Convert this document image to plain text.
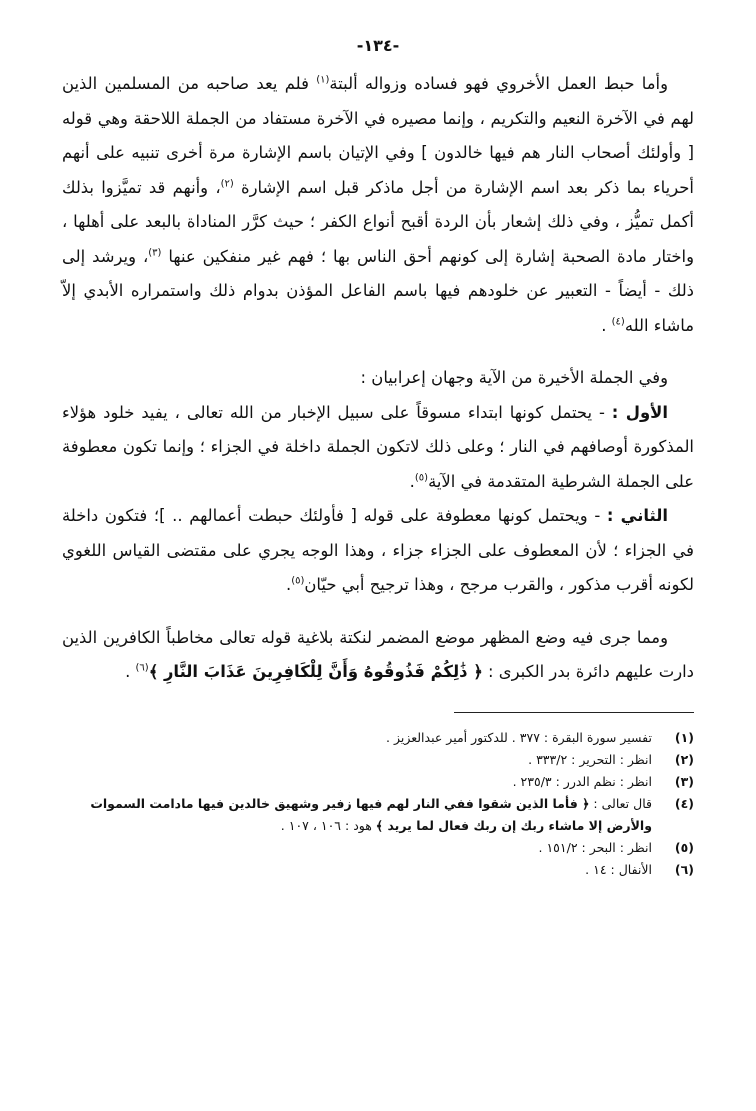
-١٣٤-

وأما حبط العمل الأخروي فهو فساده وزواله ألبتة$^{(١)}$ فلم يعد صاحبه من المسلمين الذين لهم في الآخرة النعيم والتكريم ، وإنما مصيره في الآخرة مستفاد من الجملة اللاحقة وهي قوله [ وأولئك أصحاب النار هم فيها خالدون ] وفي الإتيان باسم الإشارة مرة أخرى تنبيه على أنهم أحرياء بما ذكر بعد اسم الإشارة من أجل ماذكر قبل اسم الإشارة $^{(٢)}$، وأنهم قد تميَّزوا بذلك أكمل تميُّز ، وفي ذلك إشعار بأن الردة أقبح أنواع الكفر ؛ حيث كرَّر المناداة بالبعد على أهلها ، واختار مادة الصحبة إشارة إلى كونهم أحق الناس بها ؛ فهم غير منفكين عنها $^{(٣)}$، ويرشد إلى ذلك - أيضاً - التعبير عن خلودهم فيها باسم الفاعل المؤذن بدوام ذلك واستمراره الأبدي إلاّ ماشاء الله$^{(٤)}$ .

وفي الجملة الأخيرة من الآية وجهان إعرابيان :

الأول : - يحتمل كونها ابتداء مسوقاً على سبيل الإخبار من الله تعالى ، يفيد خلود هؤلاء المذكورة أوصافهم في النار ؛ وعلى ذلك لاتكون الجملة داخلة في الجزاء ؛ وإنما تكون معطوفة على الجملة الشرطية المتقدمة في الآية$^{(٥)}$.

الثاني : - ويحتمل كونها معطوفة على قوله [ فأولئك حبطت أعمالهم .. ]؛ فتكون داخلة في الجزاء ؛ لأن المعطوف على الجزاء جزاء ، وهذا الوجه يجري على مقتضى القياس اللغوي لكونه أقرب مذكور ، والقرب مرجح ، وهذا ترجيح أبي حيّان$^{(٥)}$.

ومما جرى فيه وضع المظهر موضع المضمر لنكتة بلاغية قوله تعالى مخاطباً الكافرين الذين دارت عليهم دائرة بدر الكبرى : ﴿ ذَٰلِكُمْ فَذُوقُوهُ وَأَنَّ لِلْكَافِرِينَ عَذَابَ النَّارِ ﴾$^{(٦)}$ .

(١)
تفسير سورة البقرة : ٣٧٧ . للدكتور أمير عبدالعزيز .
(٢)
انظر : التحرير : ٣٣٣/٢ .
(٣)
انظر : نظم الدرر : ٢٣٥/٣ .
(٤)
قال تعالى : ﴿ فأما الذين شقوا ففي النار لهم فيها زفير وشهيق خالدين فيها مادامت السموات والأرض إلا ماشاء ربك إن ربك فعال لما يريد ﴾ هود : ١٠٦ ، ١٠٧ .
(٥)
انظر : البحر : ١٥١/٢ .
(٦)
الأنفال : ١٤ .
